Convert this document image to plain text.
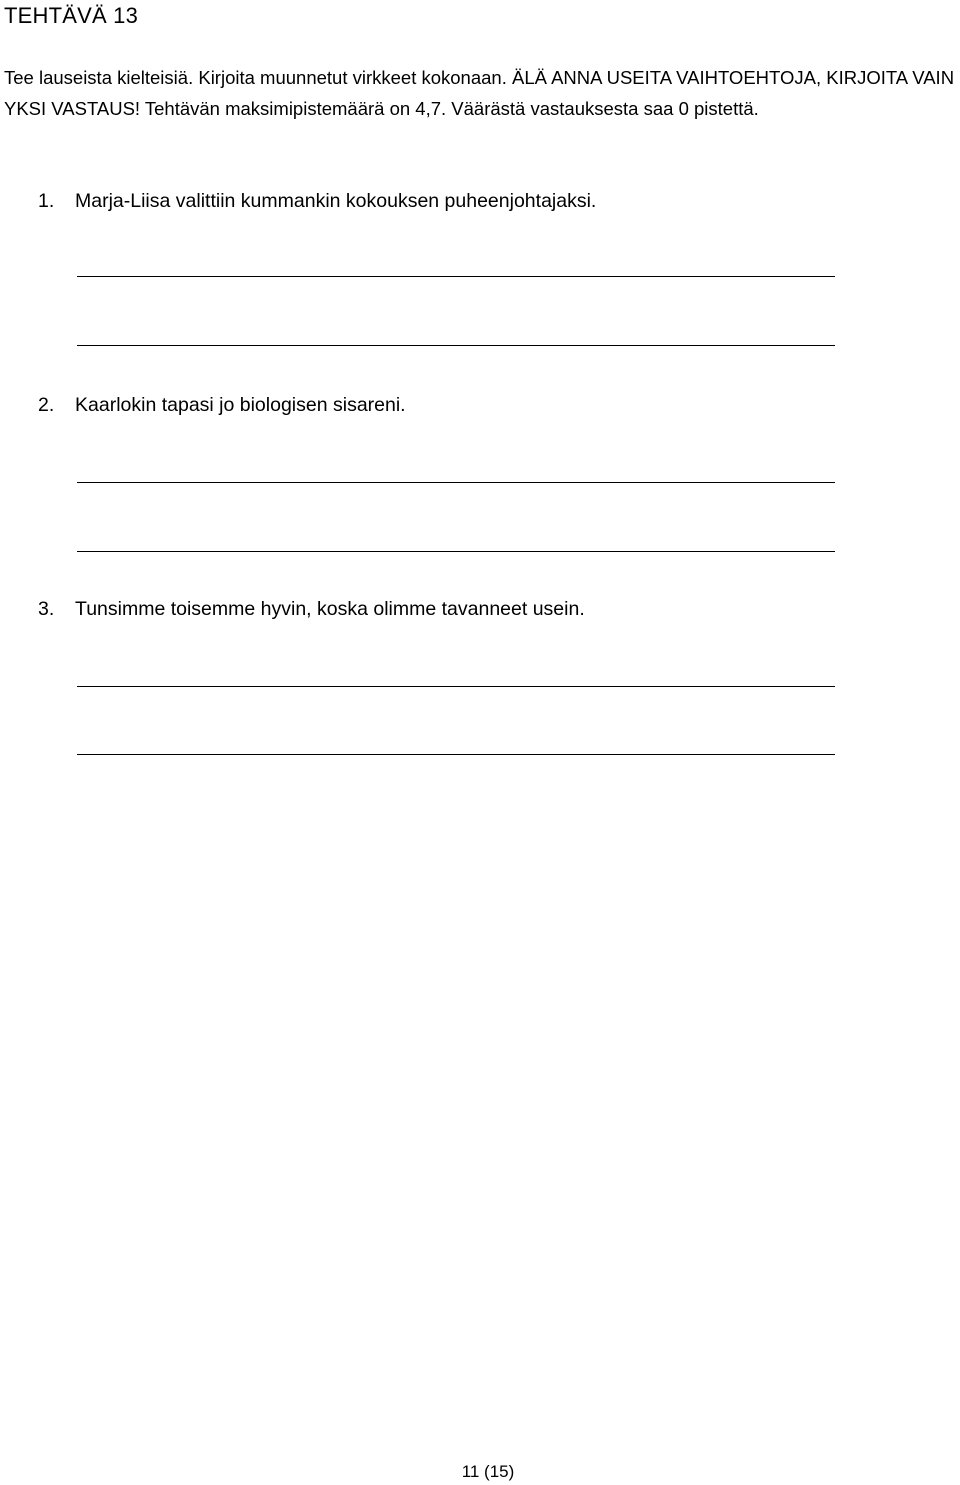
TEHTÄVÄ 13

Tee lauseista kielteisiä. Kirjoita muunnetut virkkeet kokonaan. ÄLÄ ANNA USEITA VAIHTOEHTOJA, KIRJOITA VAIN YKSI VASTAUS! Tehtävän maksimipistemäärä on 4,7. Väärästä vastauksesta saa 0 pistettä.

1. Marja-Liisa valittiin kummankin kokouksen puheenjohtajaksi.

2. Kaarlokin tapasi jo biologisen sisareni.

3. Tunsimme toisemme hyvin, koska olimme tavanneet usein.

11 (15)
